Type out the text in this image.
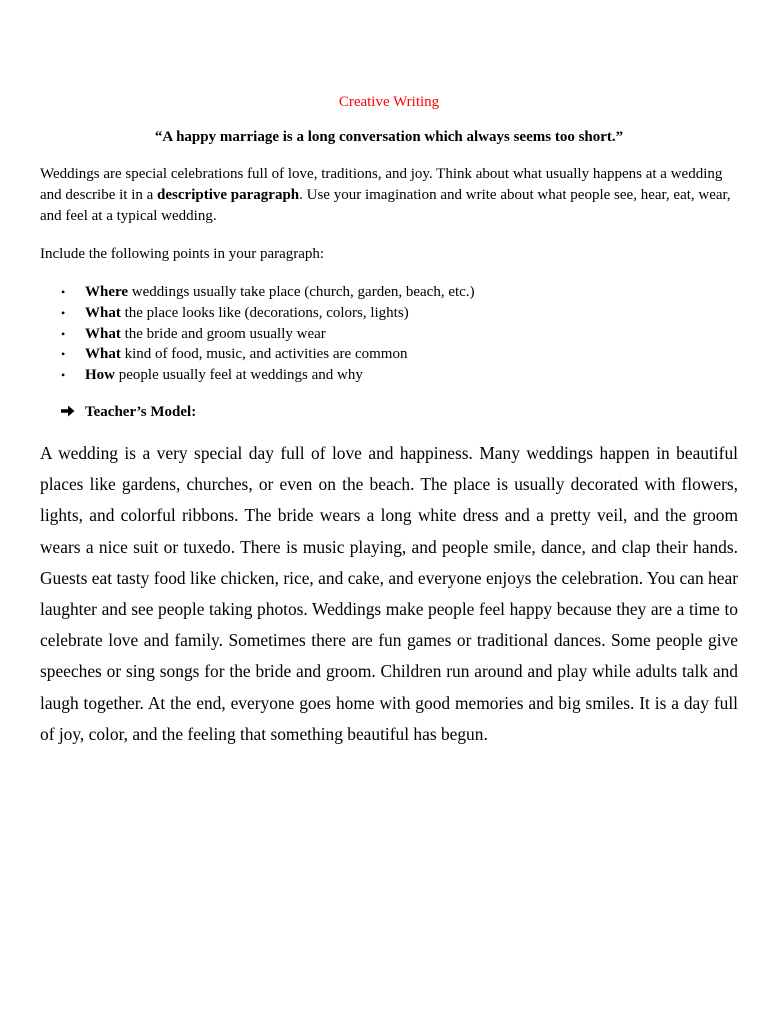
Creative Writing
“A happy marriage is a long conversation which always seems too short.”

Weddings are special celebrations full of love, traditions, and joy. Think about what usually happens at a wedding and describe it in a descriptive paragraph. Use your imagination and write about what people see, hear, eat, wear, and feel at a typical wedding.

Include the following points in your paragraph:
• Where weddings usually take place (church, garden, beach, etc.)
• What the place looks like (decorations, colors, lights)
• What the bride and groom usually wear
• What kind of food, music, and activities are common
• How people usually feel at weddings and why
Teacher’s Model:

A wedding is a very special day full of love and happiness. Many weddings happen in beautiful places like gardens, churches, or even on the beach. The place is usually decorated with flowers, lights, and colorful ribbons. The bride wears a long white dress and a pretty veil, and the groom wears a nice suit or tuxedo. There is music playing, and people smile, dance, and clap their hands. Guests eat tasty food like chicken, rice, and cake, and everyone enjoys the celebration. You can hear laughter and see people taking photos. Weddings make people feel happy because they are a time to celebrate love and family. Sometimes there are fun games or traditional dances. Some people give speeches or sing songs for the bride and groom. Children run around and play while adults talk and laugh together. At the end, everyone goes home with good memories and big smiles. It is a day full of joy, color, and the feeling that something beautiful has begun.
